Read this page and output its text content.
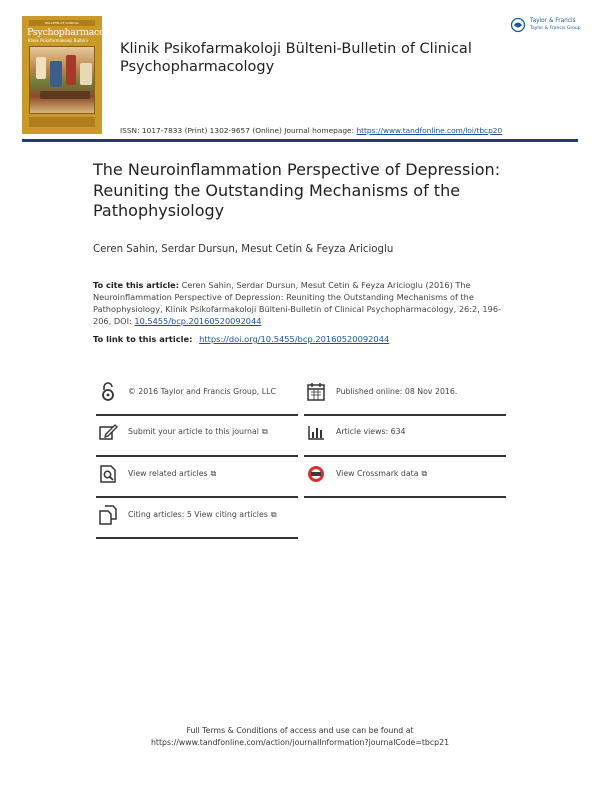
BULLETIN OF CLINICAL
Psychopharmacology
Klinik Psikofarmakoloji Bulteni
Klinik Psikofarmakoloji Bülteni-Bulletin of Clinical Psychopharmacology
ISSN: 1017-7833 (Print) 1302-9657 (Online) Journal homepage: https://www.tandfonline.com/loi/tbcp20
Taylor & Francis
Taylor & Francis Group
The Neuroinflammation Perspective of Depression: Reuniting the Outstanding Mechanisms of the Pathophysiology
Ceren Sahin, Serdar Dursun, Mesut Cetin & Feyza Aricioglu
To cite this article: Ceren Sahin, Serdar Dursun, Mesut Cetin & Feyza Aricioglu (2016) The Neuroinflammation Perspective of Depression: Reuniting the Outstanding Mechanisms of the Pathophysiology, Klinik Psikofarmakoloji Bülteni-Bulletin of Clinical Psychopharmacology, 26:2, 196-206, DOI: 10.5455/bcp.20160520092044
To link to this article: https://doi.org/10.5455/bcp.20160520092044
© 2016 Taylor and Francis Group, LLC
Submit your article to this journal ⧉
View related articles ⧉
Citing articles: 5 View citing articles ⧉
Published online: 08 Nov 2016.
Article views: 634
View Crossmark data ⧉
Full Terms & Conditions of access and use can be found at
https://www.tandfonline.com/action/journalInformation?journalCode=tbcp21
